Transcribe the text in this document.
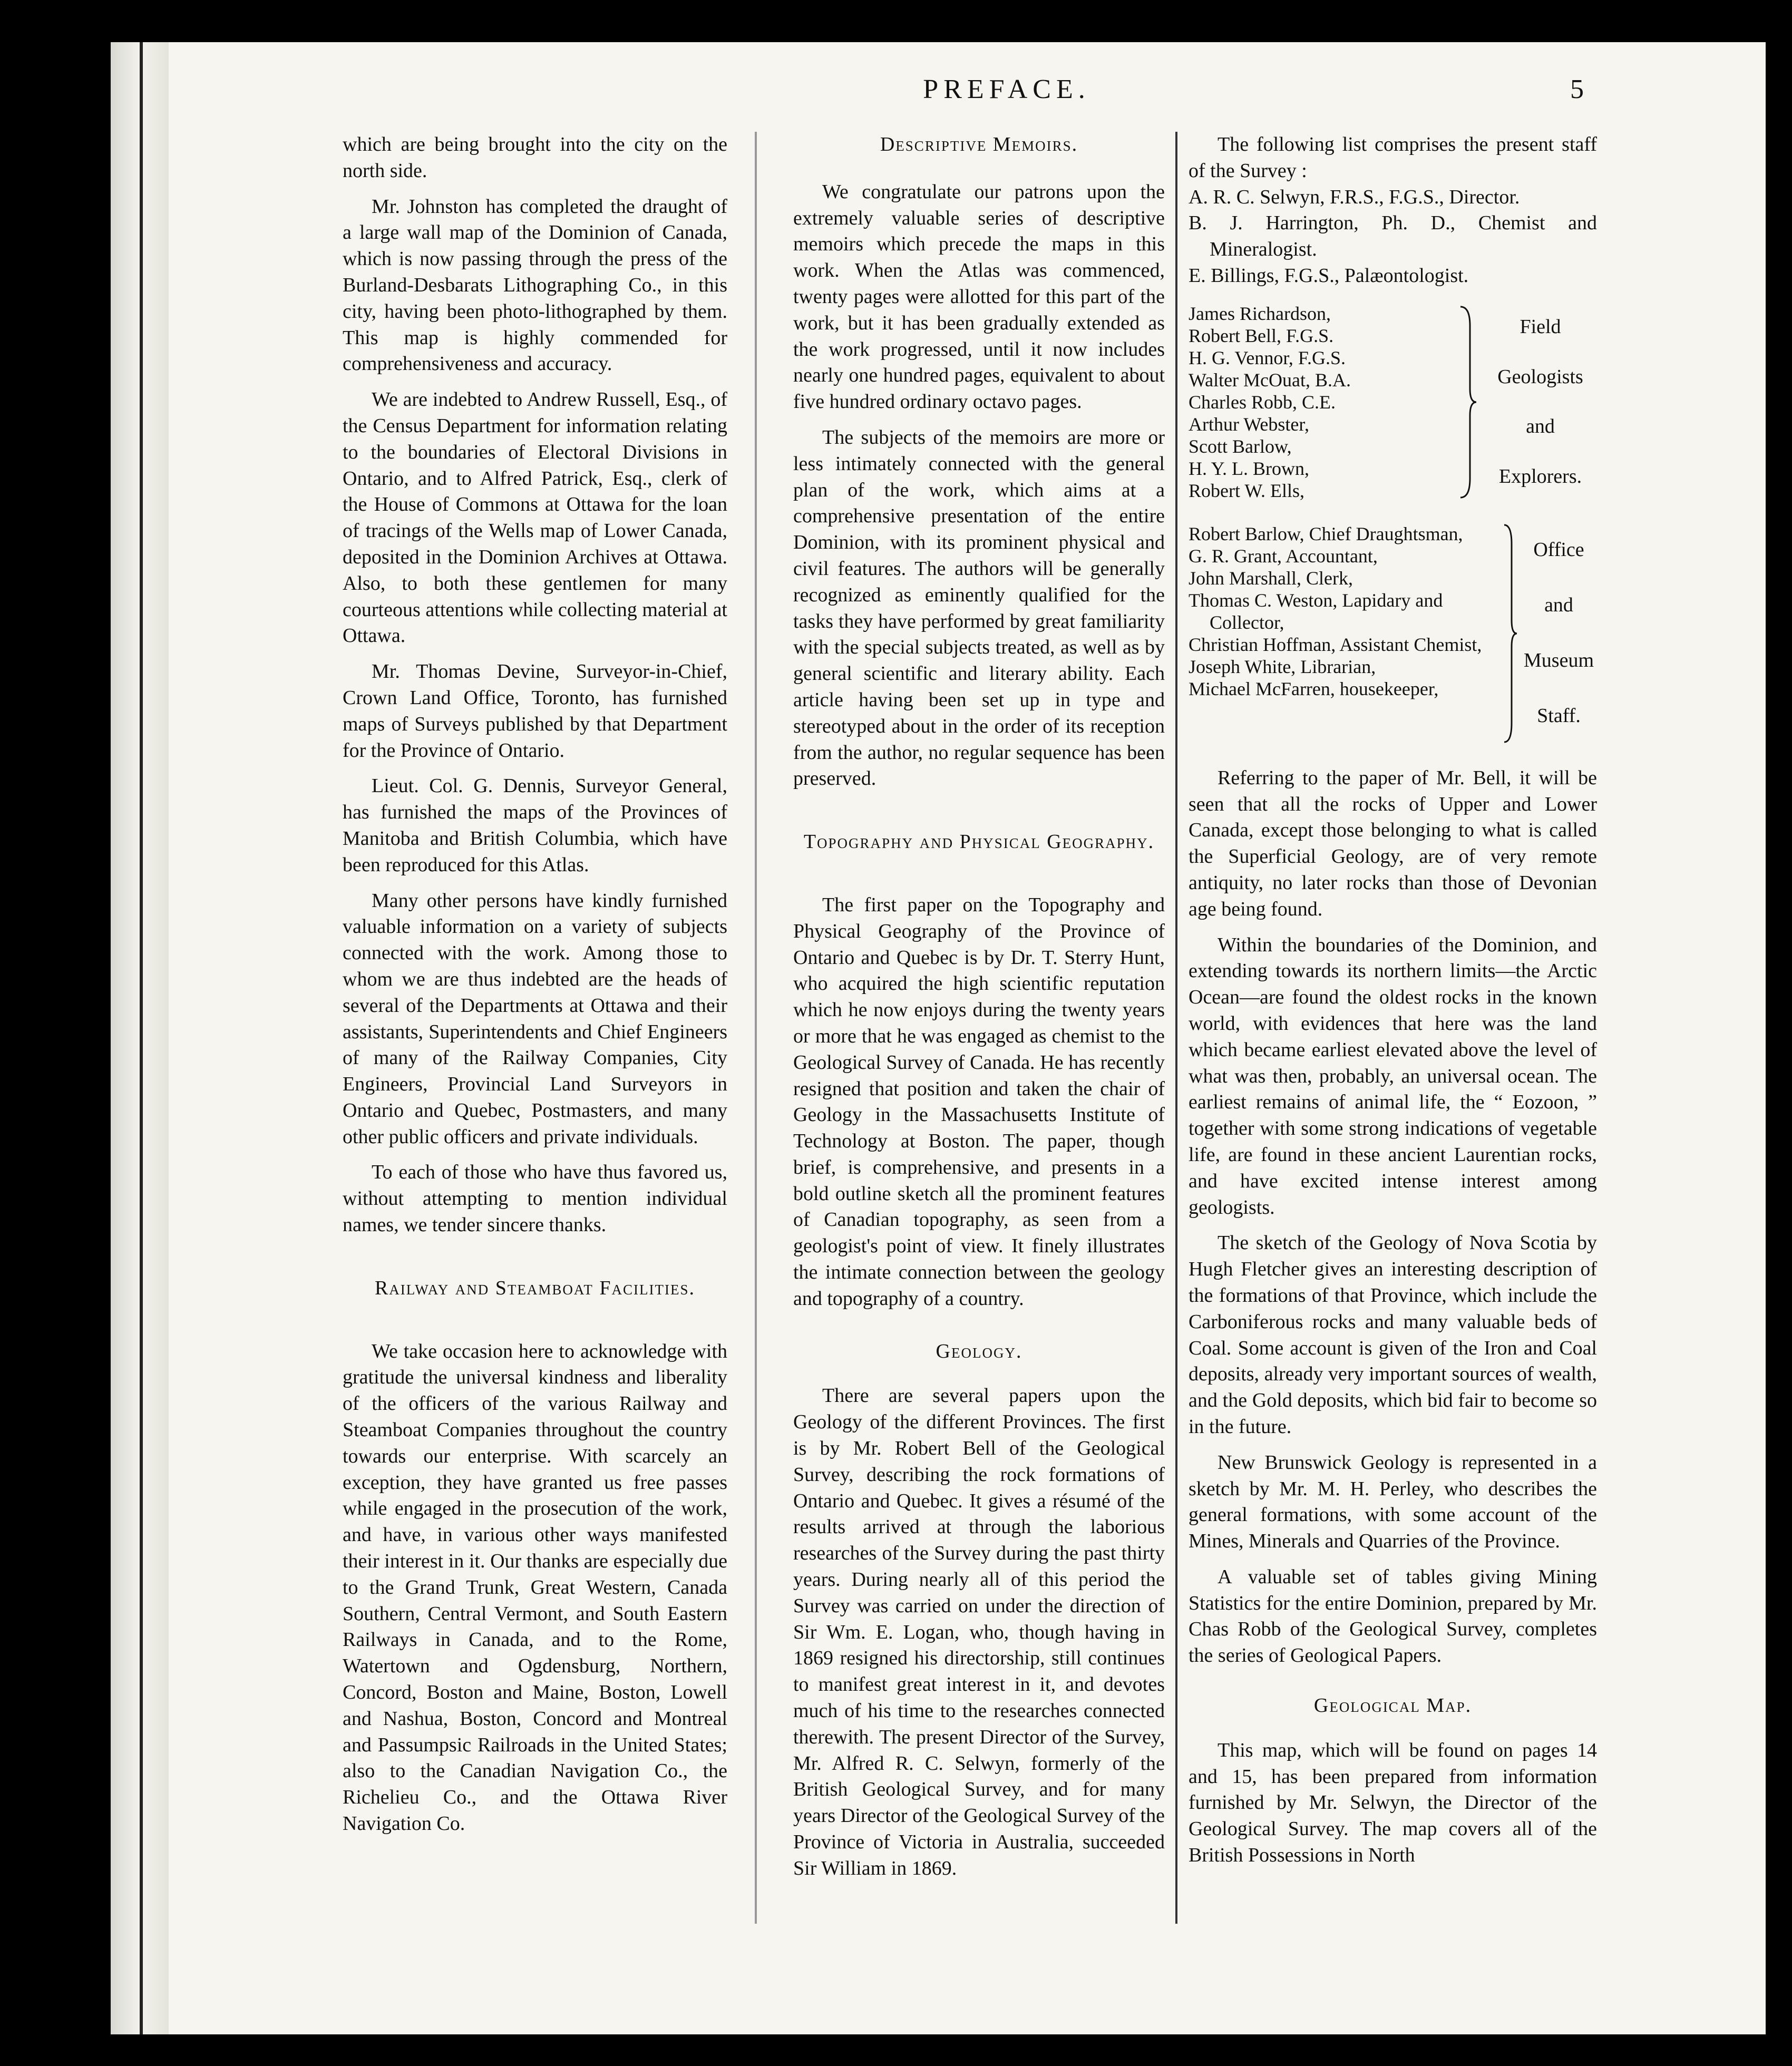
PREFACE.	5

which are being brought into the city on the north side.

Mr. Johnston has completed the draught of a large wall map of the Dominion of Canada, which is now passing through the press of the Burland-Desbarats Lithographing Co., in this city, having been photo-lithographed by them. This map is highly commended for comprehensiveness and accuracy.

We are indebted to Andrew Russell, Esq., of the Census Department for information relating to the boundaries of Electoral Divisions in Ontario, and to Alfred Patrick, Esq., clerk of the House of Commons at Ottawa for the loan of tracings of the Wells map of Lower Canada, deposited in the Dominion Archives at Ottawa. Also, to both these gentlemen for many courteous attentions while collecting material at Ottawa.

Mr. Thomas Devine, Surveyor-in-Chief, Crown Land Office, Toronto, has furnished maps of Surveys published by that Department for the Province of Ontario.

Lieut. Col. G. Dennis, Surveyor General, has furnished the maps of the Provinces of Manitoba and British Columbia, which have been reproduced for this Atlas.

Many other persons have kindly furnished valuable information on a variety of subjects connected with the work. Among those to whom we are thus indebted are the heads of several of the Departments at Ottawa and their assistants, Superintendents and Chief Engineers of many of the Railway Companies, City Engineers, Provincial Land Surveyors in Ontario and Quebec, Postmasters, and many other public officers and private individuals.

To each of those who have thus favored us, without attempting to mention individual names, we tender sincere thanks.

Railway and Steamboat Facilities.

We take occasion here to acknowledge with gratitude the universal kindness and liberality of the officers of the various Railway and Steamboat Companies throughout the country towards our enterprise. With scarcely an exception, they have granted us free passes while engaged in the prosecution of the work, and have, in various other ways manifested their interest in it. Our thanks are especially due to the Grand Trunk, Great Western, Canada Southern, Central Vermont, and South Eastern Railways in Canada, and to the Rome, Watertown and Ogdensburg, Northern, Concord, Boston and Maine, Boston, Lowell and Nashua, Boston, Concord and Montreal and Passumpsic Railroads in the United States; also to the Canadian Navigation Co., the Richelieu Co., and the Ottawa River Navigation Co.

Descriptive Memoirs.

We congratulate our patrons upon the extremely valuable series of descriptive memoirs which precede the maps in this work. When the Atlas was commenced, twenty pages were allotted for this part of the work, but it has been gradually extended as the work progressed, until it now includes nearly one hundred pages, equivalent to about five hundred ordinary octavo pages.

The subjects of the memoirs are more or less intimately connected with the general plan of the work, which aims at a comprehensive presentation of the entire Dominion, with its prominent physical and civil features. The authors will be generally recognized as eminently qualified for the tasks they have performed by great familiarity with the special subjects treated, as well as by general scientific and literary ability. Each article having been set up in type and stereotyped about in the order of its reception from the author, no regular sequence has been preserved.

Topography and Physical Geography.

The first paper on the Topography and Physical Geography of the Province of Ontario and Quebec is by Dr. T. Sterry Hunt, who acquired the high scientific reputation which he now enjoys during the twenty years or more that he was engaged as chemist to the Geological Survey of Canada. He has recently resigned that position and taken the chair of Geology in the Massachusetts Institute of Technology at Boston. The paper, though brief, is comprehensive, and presents in a bold outline sketch all the prominent features of Canadian topography, as seen from a geologist's point of view. It finely illustrates the intimate connection between the geology and topography of a country.

Geology.

There are several papers upon the Geology of the different Provinces. The first is by Mr. Robert Bell of the Geological Survey, describing the rock formations of Ontario and Quebec. It gives a résumé of the results arrived at through the laborious researches of the Survey during the past thirty years. During nearly all of this period the Survey was carried on under the direction of Sir Wm. E. Logan, who, though having in 1869 resigned his directorship, still continues to manifest great interest in it, and devotes much of his time to the researches connected therewith. The present Director of the Survey, Mr. Alfred R. C. Selwyn, formerly of the British Geological Survey, and for many years Director of the Geological Survey of the Province of Victoria in Australia, succeeded Sir William in 1869.

The following list comprises the present staff of the Survey :

A. R. C. Selwyn, F.R.S., F.G.S., Director.

B. J. Harrington, Ph. D., Chemist and Mineralogist.

E. Billings, F.G.S., Palæontologist.

James Richardson,
Robert Bell, F.G.S.
H. G. Vennor, F.G.S.
Walter McOuat, B.A.
Charles Robb, C.E.
Arthur Webster,
Scott Barlow,
H. Y. L. Brown,
Robert W. Ells,
Field
Geologists
and
Explorers.
Robert Barlow, Chief Draughtsman,
G. R. Grant, Accountant,
John Marshall, Clerk,
Thomas C. Weston, Lapidary and Collector,
Christian Hoffman, Assistant Chemist,
Joseph White, Librarian,
Michael McFarren, housekeeper,
Office
and
Museum
Staff.

Referring to the paper of Mr. Bell, it will be seen that all the rocks of Upper and Lower Canada, except those belonging to what is called the Superficial Geology, are of very remote antiquity, no later rocks than those of Devonian age being found.

Within the boundaries of the Dominion, and extending towards its northern limits—the Arctic Ocean—are found the oldest rocks in the known world, with evidences that here was the land which became earliest elevated above the level of what was then, probably, an universal ocean. The earliest remains of animal life, the “ Eozoon, ” together with some strong indications of vegetable life, are found in these ancient Laurentian rocks, and have excited intense interest among geologists.

The sketch of the Geology of Nova Scotia by Hugh Fletcher gives an interesting description of the formations of that Province, which include the Carboniferous rocks and many valuable beds of Coal. Some account is given of the Iron and Coal deposits, already very important sources of wealth, and the Gold deposits, which bid fair to become so in the future.

New Brunswick Geology is represented in a sketch by Mr. M. H. Perley, who describes the general formations, with some account of the Mines, Minerals and Quarries of the Province.

A valuable set of tables giving Mining Statistics for the entire Dominion, prepared by Mr. Chas Robb of the Geological Survey, completes the series of Geological Papers.

Geological Map.

This map, which will be found on pages 14 and 15, has been prepared from information furnished by Mr. Selwyn, the Director of the Geological Survey. The map covers all of the British Possessions in North
